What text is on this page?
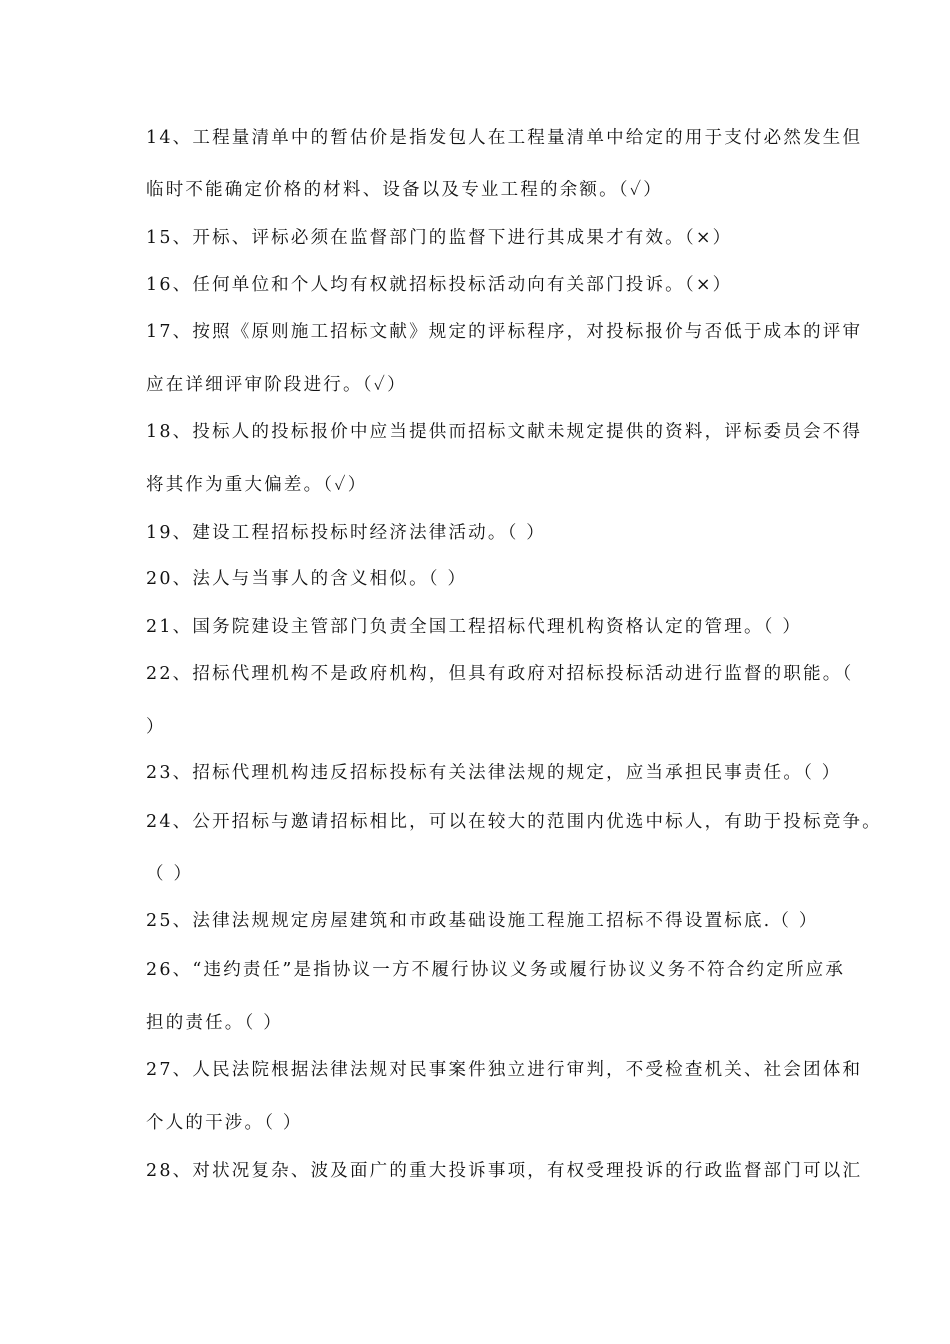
14、工程量清单中的暂估价是指发包人在工程量清单中给定的用于支付必然发生但
临时不能确定价格的材料、设备以及专业工程的余额。（✓）
15、开标、评标必须在监督部门的监督下进行其成果才有效。（×）
16、任何单位和个人均有权就招标投标活动向有关部门投诉。（×）
17、按照《原则施工招标文献》规定的评标程序，对投标报价与否低于成本的评审
应在详细评审阶段进行。（✓）
18、投标人的投标报价中应当提供而招标文献未规定提供的资料，评标委员会不得
将其作为重大偏差。（✓）
19、建设工程招标投标时经济法律活动。（ ）
20、法人与当事人的含义相似。（ ）
21、国务院建设主管部门负责全国工程招标代理机构资格认定的管理。（ ）
22、招标代理机构不是政府机构，但具有政府对招标投标活动进行监督的职能。（
）
23、招标代理机构违反招标投标有关法律法规的规定，应当承担民事责任。（ ）
24、公开招标与邀请招标相比，可以在较大的范围内优选中标人，有助于投标竞争。
（ ）
25、法律法规规定房屋建筑和市政基础设施工程施工招标不得设置标底.（ ）
26、“违约责任”是指协议一方不履行协议义务或履行协议义务不符合约定所应承
担的责任。（ ）
27、人民法院根据法律法规对民事案件独立进行审判，不受检查机关、社会团体和
个人的干涉。（ ）
28、对状况复杂、波及面广的重大投诉事项，有权受理投诉的行政监督部门可以汇
